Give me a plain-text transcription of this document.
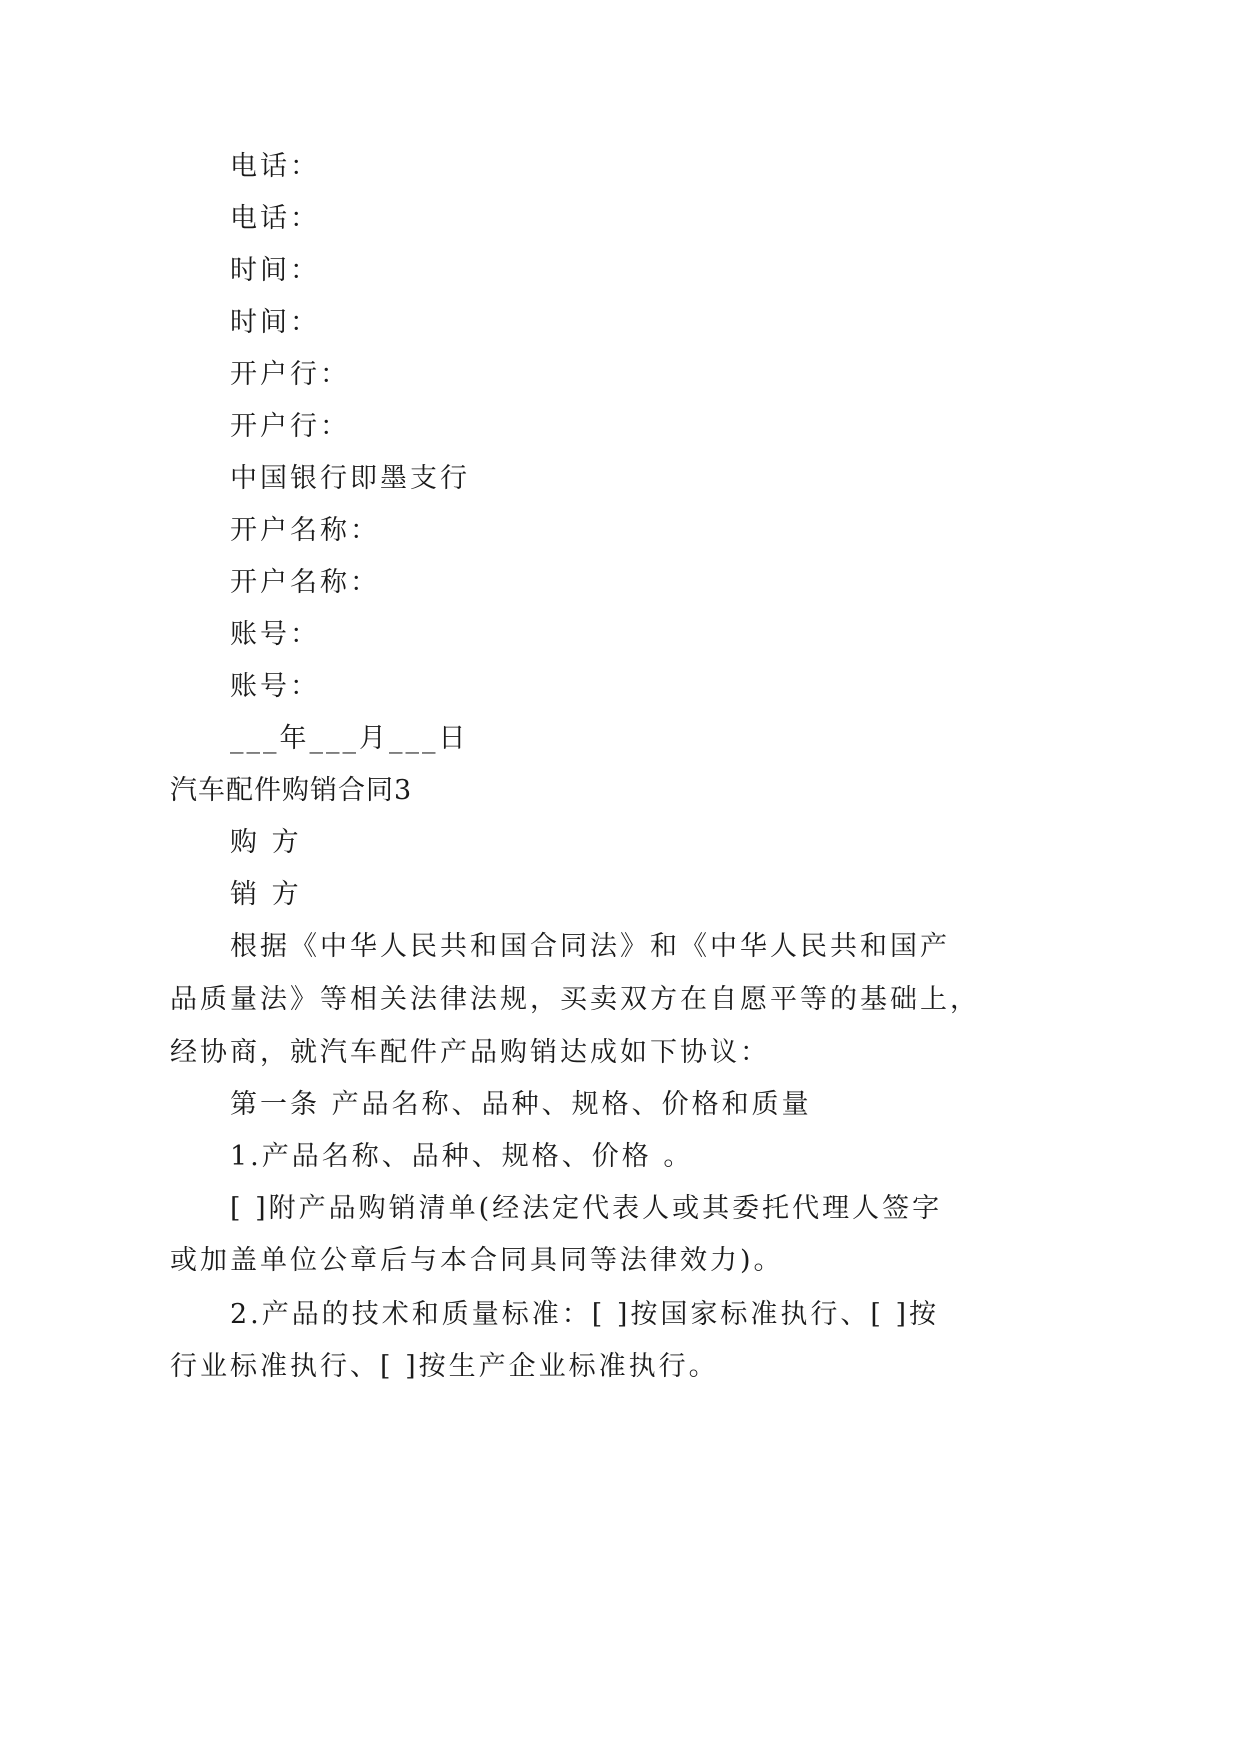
电话：
电话：
时间：
时间：
开户行：
开户行：
中国银行即墨支行
开户名称：
开户名称：
账号：
账号：
___年___月___日
汽车配件购销合同3
购 方
销 方
根据《中华人民共和国合同法》和《中华人民共和国产
品质量法》等相关法律法规，买卖双方在自愿平等的基础上，
经协商，就汽车配件产品购销达成如下协议：
第一条 产品名称、品种、规格、价格和质量
1.产品名称、品种、规格、价格 。
[ ]附产品购销清单(经法定代表人或其委托代理人签字
或加盖单位公章后与本合同具同等法律效力)。
2.产品的技术和质量标准：[ ]按国家标准执行、[ ]按
行业标准执行、[ ]按生产企业标准执行。
